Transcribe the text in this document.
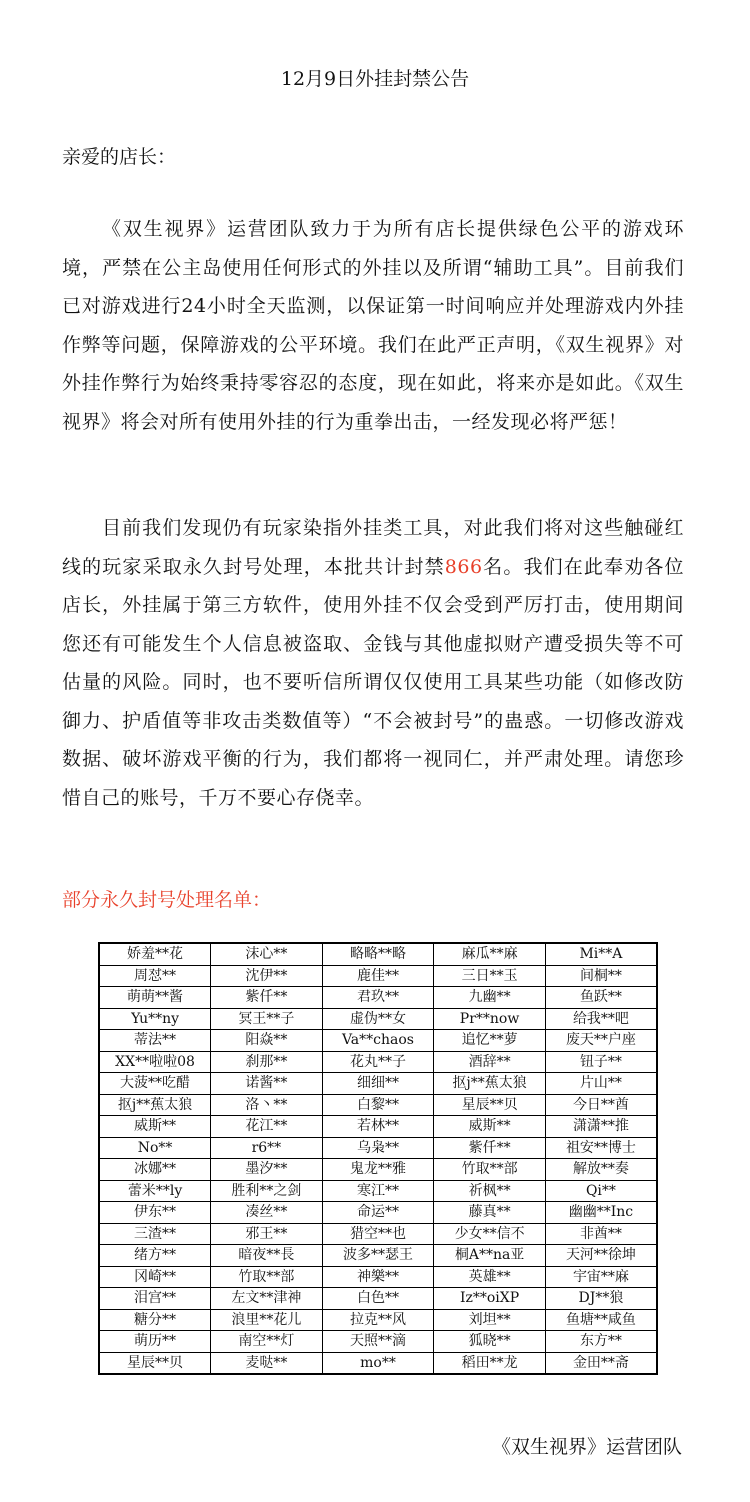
12月9日外挂封禁公告
亲爱的店长：
《双生视界》运营团队致力于为所有店长提供绿色公平的游戏环境，严禁在公主岛使用任何形式的外挂以及所谓“辅助工具”。目前我们已对游戏进行24小时全天监测，以保证第一时间响应并处理游戏内外挂作弊等问题，保障游戏的公平环境。我们在此严正声明，《双生视界》对外挂作弊行为始终秉持零容忍的态度，现在如此，将来亦是如此。《双生视界》将会对所有使用外挂的行为重拳出击，一经发现必将严惩！
目前我们发现仍有玩家染指外挂类工具，对此我们将对这些触碰红线的玩家采取永久封号处理，本批共计封禁866名。我们在此奉劝各位店长，外挂属于第三方软件，使用外挂不仅会受到严厉打击，使用期间您还有可能发生个人信息被盗取、金钱与其他虚拟财产遭受损失等不可估量的风险。同时，也不要听信所谓仅仅使用工具某些功能（如修改防御力、护盾值等非攻击类数值等）“不会被封号”的蛊惑。一切修改游戏数据、破坏游戏平衡的行为，我们都将一视同仁，并严肃处理。请您珍惜自己的账号，千万不要心存侥幸。
部分永久封号处理名单：
娇羞**花	沫心**	略略**略	麻瓜**麻	Mi**A
周怼**	沈伊**	鹿佳**	三日**玉	间桐**
萌萌**酱	紫仟**	君玖**	九幽**	鱼跃**
Yu**ny	冥王**子	虚伪**女	Pr**now	给我**吧
蒂法**	阳焱**	Va**chaos	追忆**萝	废天**户座
XX**啦啦08	刹那**	花丸**子	酒辞**	钮子**
大菠**吃醋	诺酱**	细细**	抠j**蕉太狼	片山**
抠j**蕉太狼	洛丶**	白黎**	星辰**贝	今日**酋
威斯**	花江**	若林**	威斯**	潇潇**推
No**	r6**	乌枭**	紫仟**	祖安**博士
冰娜**	墨汐**	鬼龙**雅	竹取**部	解放**奏
蕾米**ly	胜利**之剑	寒江**	祈枫**	Qi**
伊东**	凑丝**	命运**	藤真**	幽幽**Inc
三渣**	邪王**	猎空**也	少女**信不	非酋**
绪方**	暗夜**長	波多**瑟王	桐A**na亚	天河**徐坤
冈崎**	竹取**部	神樂**	英雄**	宇宙**麻
泪宫**	左文**津神	白色**	Iz**oiXP	DJ**狼
糖分**	浪里**花儿	拉克**风	刘坦**	鱼塘**咸鱼
萌历**	南空**灯	天照**滴	狐晓**	东方**
星辰**贝	麦哒**	mo**	稻田**龙	金田**斋
《双生视界》运营团队
